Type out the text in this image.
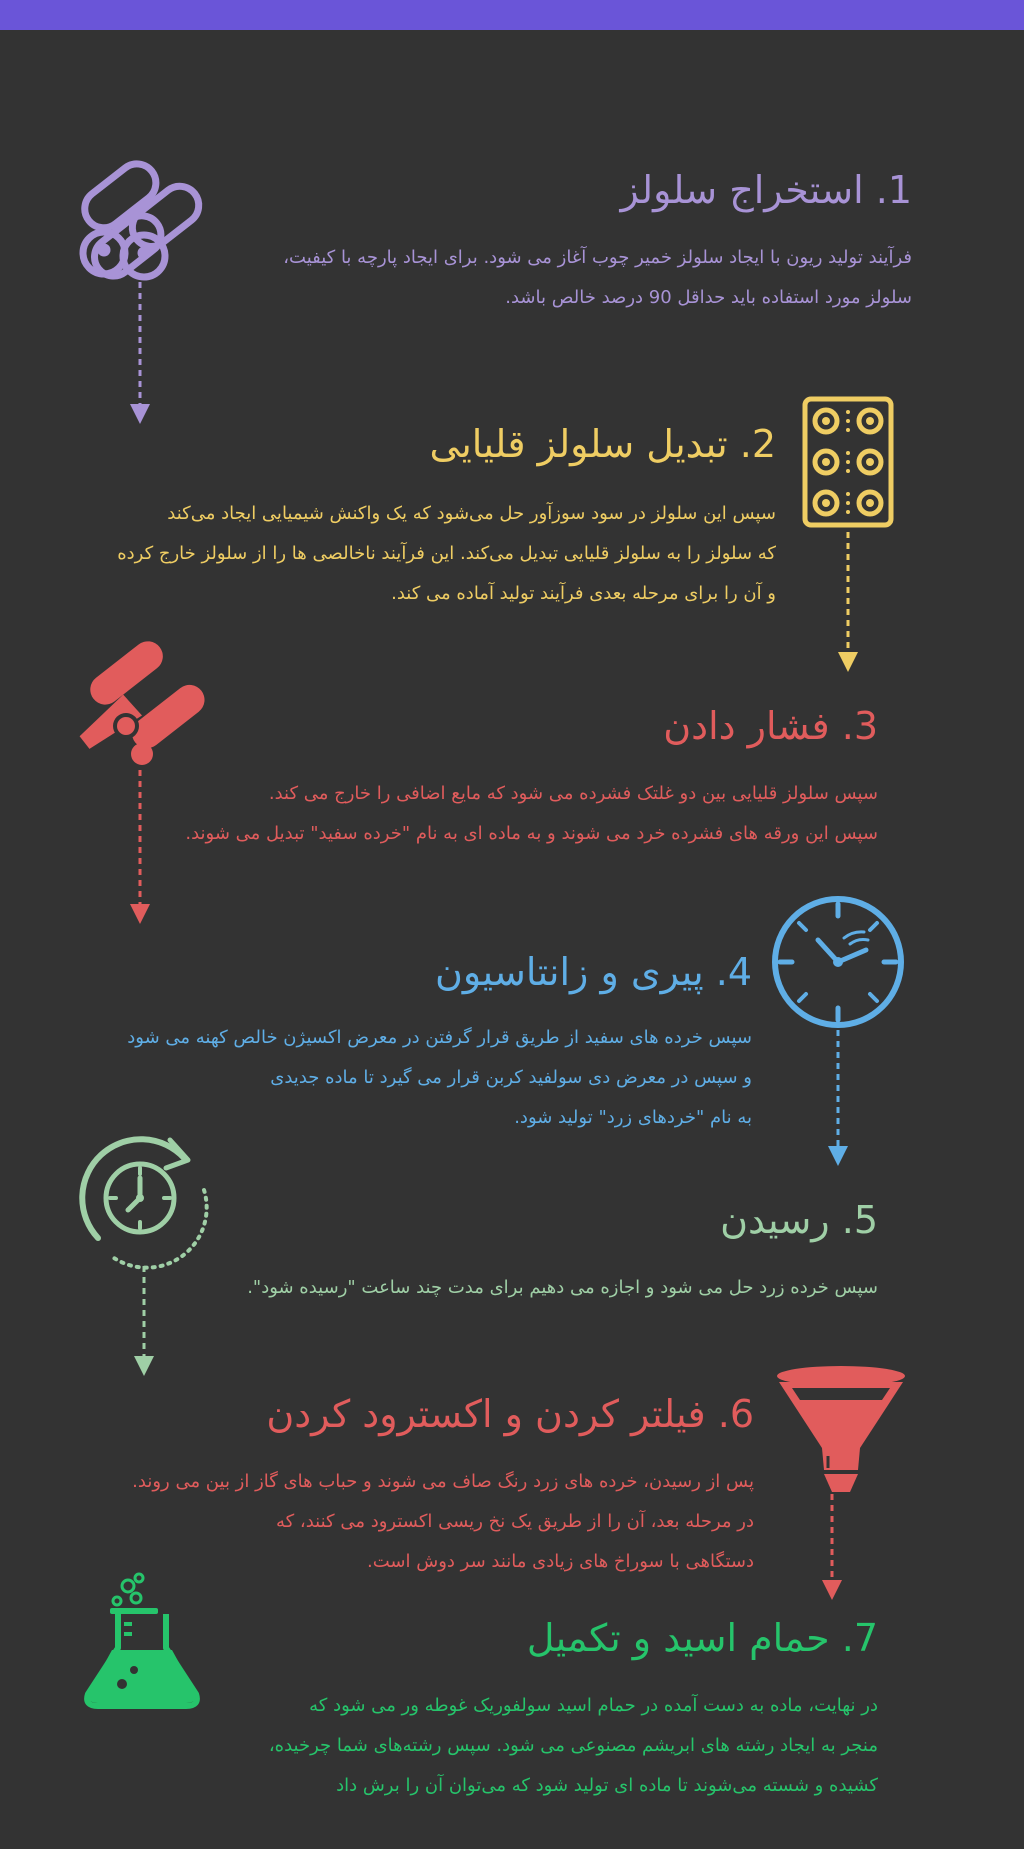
1. استخراج سلولز
فرآیند تولید ریون با ایجاد سلولز خمیر چوب آغاز می شود. برای ایجاد پارچه با کیفیت،
سلولز مورد استفاده باید حداقل 90 درصد خالص باشد.
2. تبدیل سلولز قلیایی
سپس این سلولز در سود سوزآور حل می‌شود که یک واکنش شیمیایی ایجاد می‌کند
که سلولز را به سلولز قلیایی تبدیل می‌کند. این فرآیند ناخالصی ها را از سلولز خارج کرده
و آن را برای مرحله بعدی فرآیند تولید آماده می کند.
3. فشار دادن
سپس سلولز قلیایی بین دو غلتک فشرده می شود که مایع اضافی را خارج می کند.
سپس این ورقه های فشرده خرد می شوند و به ماده ای به نام "خرده سفید" تبدیل می شوند.
4. پیری و زانتاسیون
سپس خرده های سفید از طریق قرار گرفتن در معرض اکسیژن خالص کهنه می شود
و سپس در معرض دی سولفید کربن قرار می گیرد تا ماده جدیدی
به نام "خردهای زرد" تولید شود.
5. رسیدن
سپس خرده زرد حل می شود و اجازه می دهیم برای مدت چند ساعت "رسیده شود".
6. فیلتر کردن و اکسترود کردن
پس از رسیدن، خرده های زرد رنگ صاف می شوند و حباب های گاز از بین می روند.
در مرحله بعد، آن را از طریق یک نخ ریسی اکسترود می کنند، که
دستگاهی با سوراخ های زیادی مانند سر دوش است.
7. حمام اسید و تکمیل
در نهایت، ماده به دست آمده در حمام اسید سولفوریک غوطه ور می شود که
منجر به ایجاد رشته های ابریشم مصنوعی می شود. سپس رشته‌های شما چرخیده،
کشیده و شسته می‌شوند تا ماده ای تولید شود که می‌توان آن را برش داد
